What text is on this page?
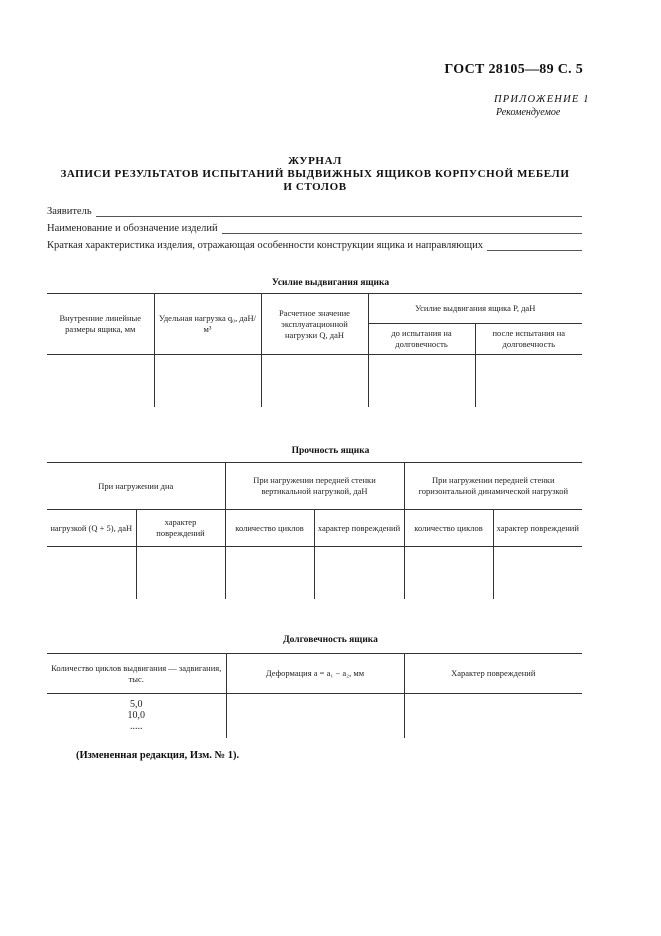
ГОСТ 28105—89 С. 5
ПРИЛОЖЕНИЕ 1
Рекомендуемое
ЖУРНАЛ
ЗАПИСИ РЕЗУЛЬТАТОВ ИСПЫТАНИЙ ВЫДВИЖНЫХ ЯЩИКОВ КОРПУСНОЙ МЕБЕЛИ
И СТОЛОВ
Заявитель
Наименование и обозначение изделий
Краткая характеристика изделия, отражающая особенности конструкции ящика и направляющих
Усилие выдвигания ящика
Внутренние линейные размеры ящика, мм	Удельная нагрузка q₀, даН/м³	Расчетное значение эксплуатационной нагрузки Q, даН	Усилие выдвигания ящика P, даН	
			до испытания на долговечность	после испытания на долговечность

Прочность ящика
При нагружении дна		При нагружении передней стенки вертикальной нагрузкой, даН		При нагружении передней стенки горизонтальной динамической нагрузкой	
нагрузкой (Q + 5), даН	характер повреждений	количество циклов	характер повреждений	количество циклов	характер повреждений

Долговечность ящика
Количество циклов выдвигания — задвигания, тыс.	Деформация a = a₁ − a₂, мм	Характер повреждений

5,0
10,0
.....		

(Измененная редакция, Изм. № 1).
